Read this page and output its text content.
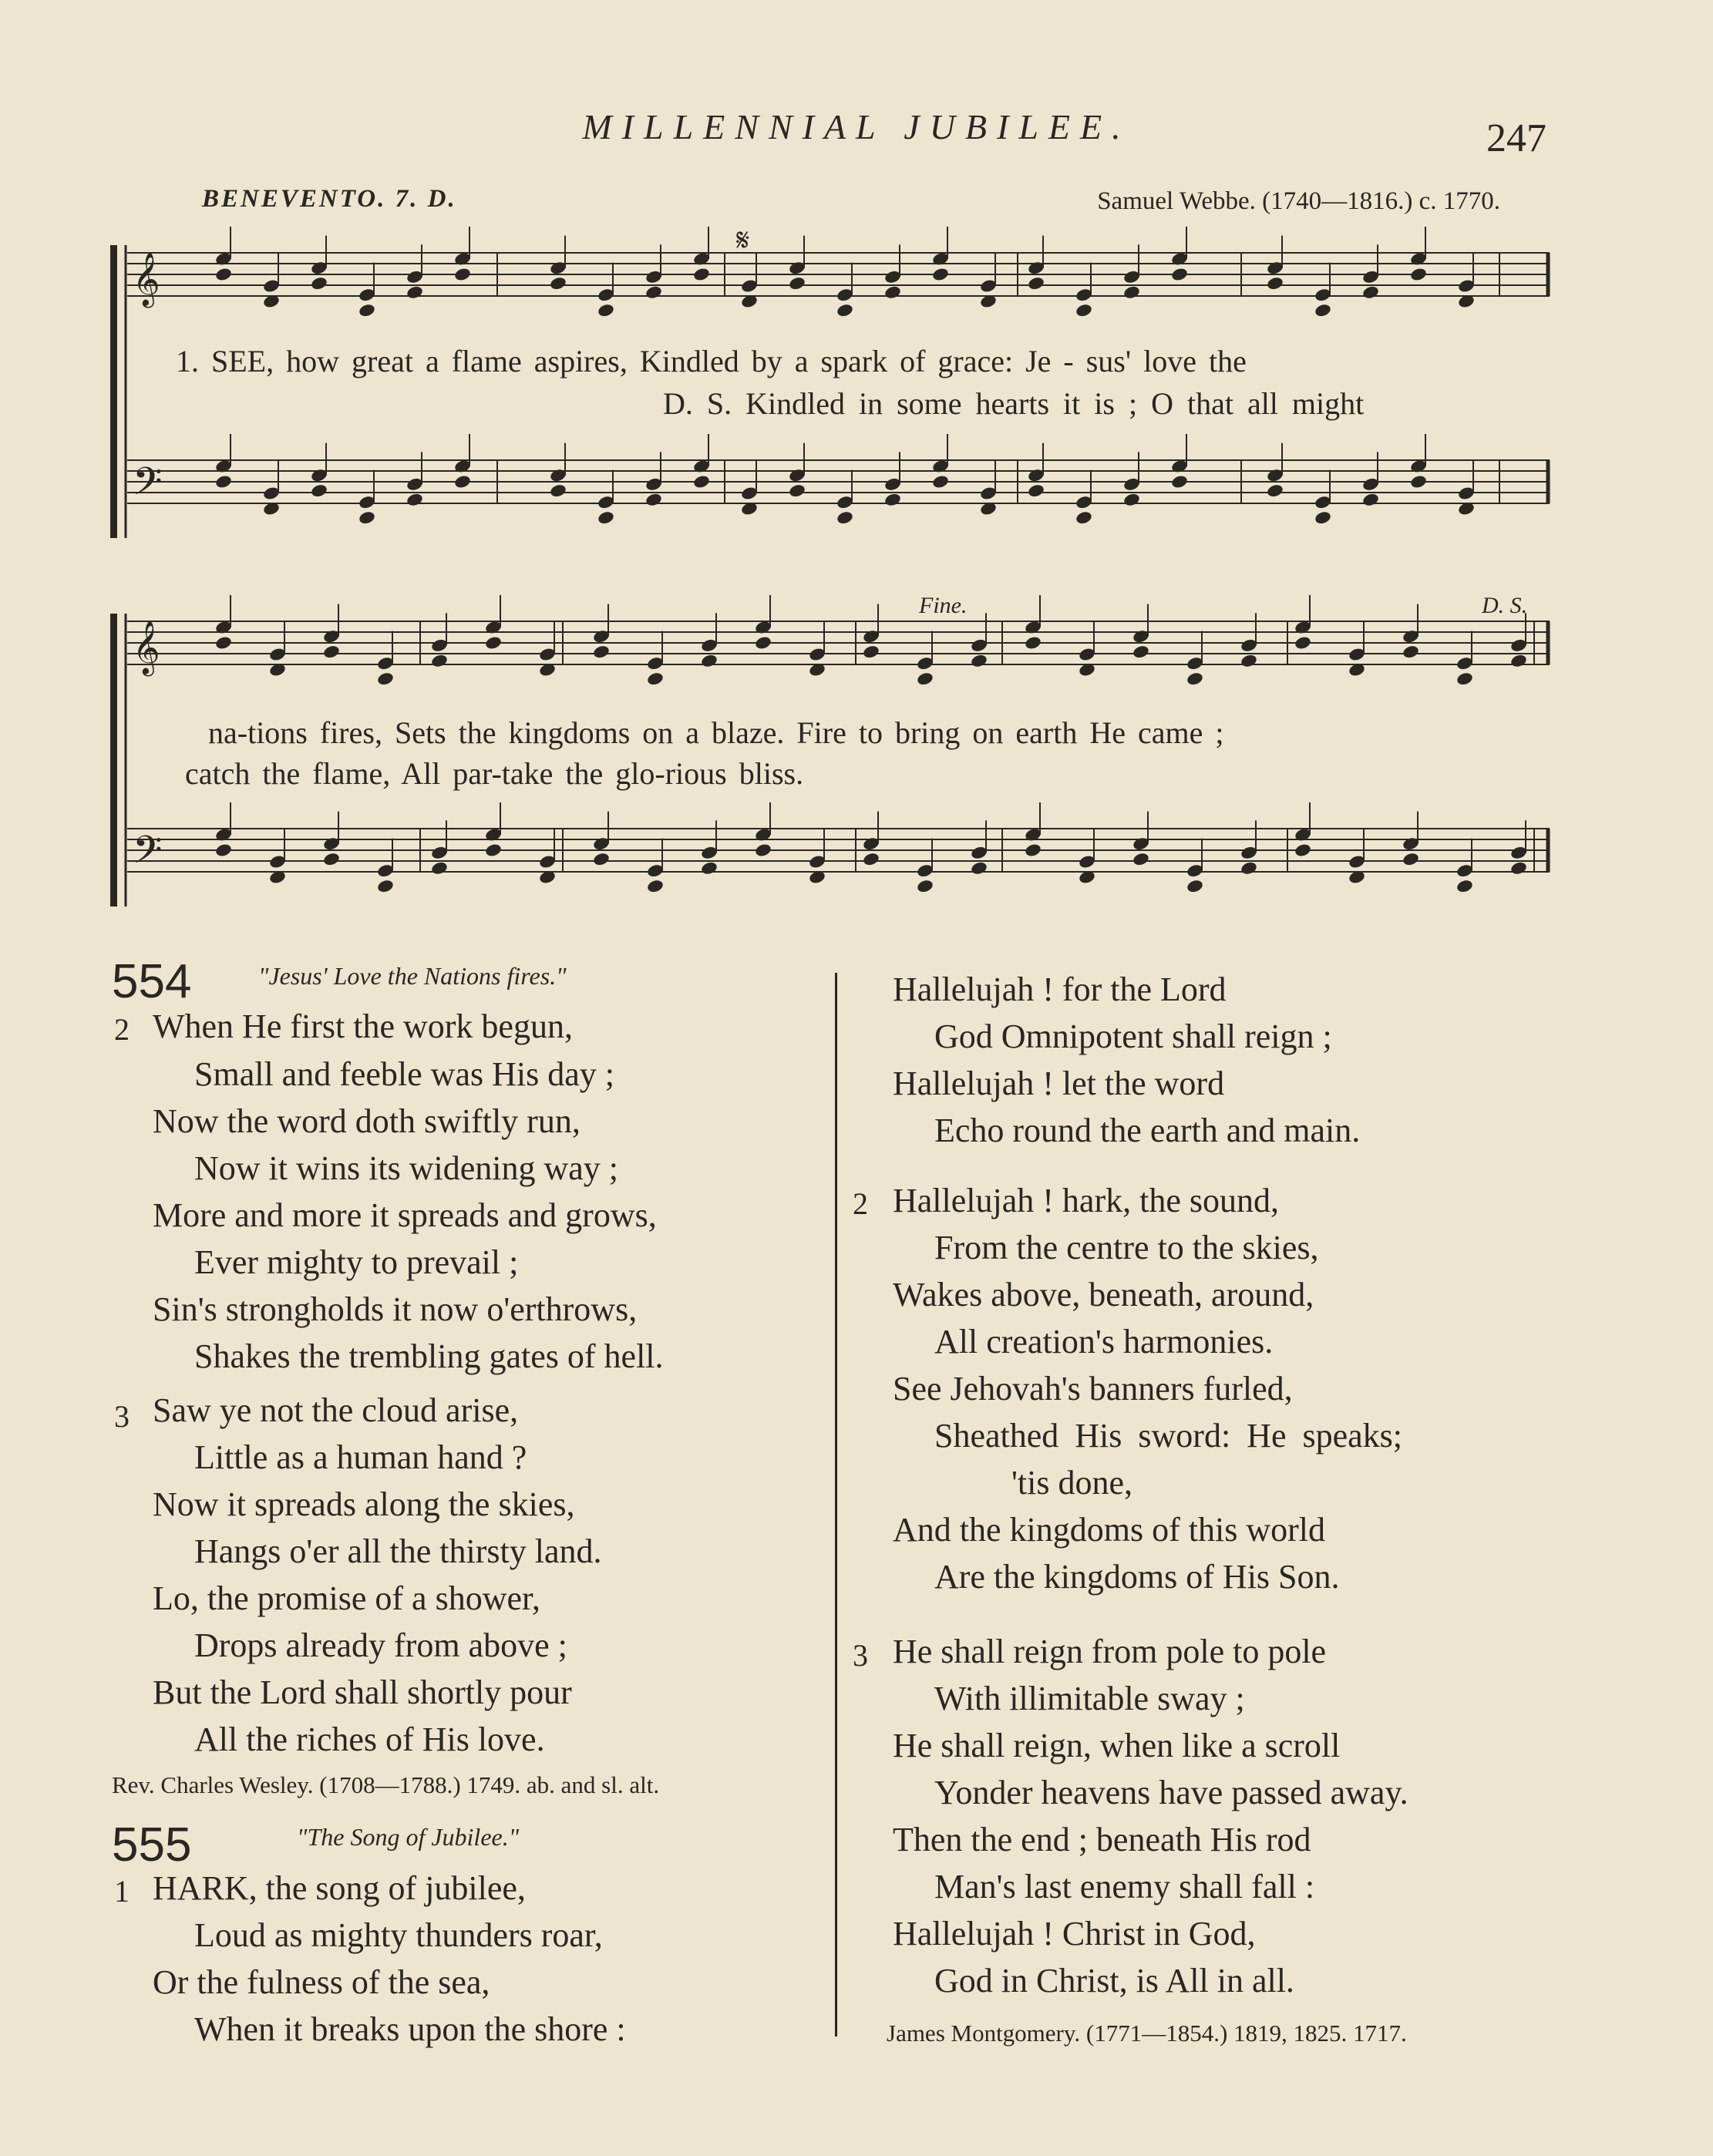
MILLENNIAL JUBILEE.	247
BENEVENTO. 7. D.	Samuel Webbe. (1740—1816.) c. 1770.
𝄞
𝄢
𝄞
𝄢
𝄋
Fine.	D. S.
1. SEE, how great a flame aspires, Kindled by a spark of grace: Je - sus' love the
D. S. Kindled in some hearts it is ; O that all might
na-tions fires, Sets the kingdoms on a blaze. Fire to bring on earth He came ;
catch the flame, All par-take the glo-rious bliss.
554	"Jesus' Love the Nations fires."
2 When He first the work begun,
Small and feeble was His day ;
Now the word doth swiftly run,
Now it wins its widening way ;
More and more it spreads and grows,
Ever mighty to prevail ;
Sin's strongholds it now o'erthrows,
Shakes the trembling gates of hell.
3 Saw ye not the cloud arise,
Little as a human hand ?
Now it spreads along the skies,
Hangs o'er all the thirsty land.
Lo, the promise of a shower,
Drops already from above ;
But the Lord shall shortly pour
All the riches of His love.
Rev. Charles Wesley. (1708—1788.) 1749. ab. and sl. alt.
555	"The Song of Jubilee."
1 HARK, the song of jubilee,
Loud as mighty thunders roar,
Or the fulness of the sea,
When it breaks upon the shore :
Hallelujah ! for the Lord
God Omnipotent shall reign ;
Hallelujah ! let the word
Echo round the earth and main.
2 Hallelujah ! hark, the sound,
From the centre to the skies,
Wakes above, beneath, around,
All creation's harmonies.
See Jehovah's banners furled,
Sheathed His sword: He speaks;
'tis done,
And the kingdoms of this world
Are the kingdoms of His Son.
3 He shall reign from pole to pole
With illimitable sway ;
He shall reign, when like a scroll
Yonder heavens have passed away.
Then the end ; beneath His rod
Man's last enemy shall fall :
Hallelujah ! Christ in God,
God in Christ, is All in all.
James Montgomery. (1771—1854.) 1819, 1825. 1717.
